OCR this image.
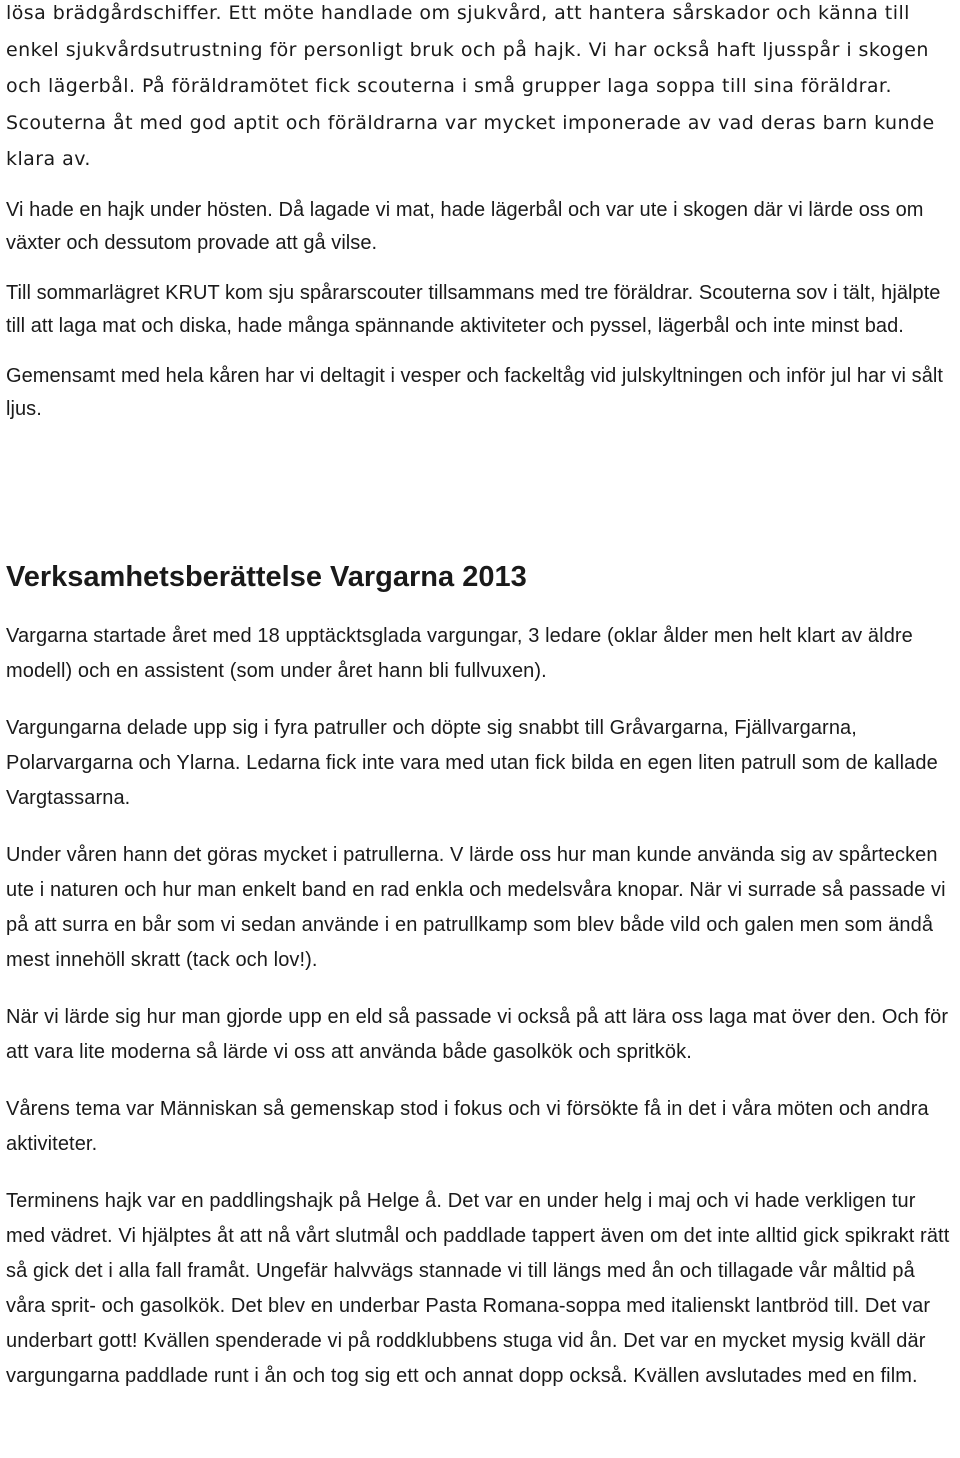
lösa brädgårdschiffer. Ett möte handlade om sjukvård, att hantera sårskador och känna till enkel sjukvårdsutrustning för personligt bruk och på hajk. Vi har också haft ljusspår i skogen och lägerbål. På föräldramötet fick scouterna i små grupper laga soppa till sina föräldrar. Scouterna åt med god aptit och föräldrarna var mycket imponerade av vad deras barn kunde klara av.

Vi hade en hajk under hösten. Då lagade vi mat, hade lägerbål och var ute i skogen där vi lärde oss om växter och dessutom provade att gå vilse.

Till sommarlägret KRUT kom sju spårarscouter tillsammans med tre föräldrar. Scouterna sov i tält, hjälpte till att laga mat och diska, hade många spännande aktiviteter och pyssel, lägerbål och inte minst bad.

Gemensamt med hela kåren har vi deltagit i vesper och fackeltåg vid julskyltningen och inför jul har vi sålt ljus.

Verksamhetsberättelse Vargarna 2013

Vargarna startade året med 18 upptäcktsglada vargungar, 3 ledare (oklar ålder men helt klart av äldre modell) och en assistent (som under året hann bli fullvuxen).

Vargungarna delade upp sig i fyra patruller och döpte sig snabbt till Gråvargarna, Fjällvargarna, Polarvargarna och Ylarna. Ledarna fick inte vara med utan fick bilda en egen liten patrull som de kallade Vargtassarna.

Under våren hann det göras mycket i patrullerna. V lärde oss hur man kunde använda sig av spårtecken ute i naturen och hur man enkelt band en rad enkla och medelsvåra knopar. När vi surrade så passade vi på att surra en bår som vi sedan använde i en patrullkamp som blev både vild och galen men som ändå mest innehöll skratt (tack och lov!).

När vi lärde sig hur man gjorde upp en eld så passade vi också på att lära oss laga mat över den. Och för att vara lite moderna så lärde vi oss att använda både gasolkök och spritkök.

Vårens tema var Människan så gemenskap stod i fokus och vi försökte få in det i våra möten och andra aktiviteter.

Terminens hajk var en paddlingshajk på Helge å. Det var en under helg i maj och vi hade verkligen tur med vädret. Vi hjälptes åt att nå vårt slutmål och paddlade tappert även om det inte alltid gick spikrakt rätt så gick det i alla fall framåt. Ungefär halvvägs stannade vi till längs med ån och tillagade vår måltid på våra sprit- och gasolkök. Det blev en underbar Pasta Romana-soppa med italienskt lantbröd till. Det var underbart gott! Kvällen spenderade vi på roddklubbens stuga vid ån. Det var en mycket mysig kväll där vargungarna paddlade runt i ån och tog sig ett och annat dopp också. Kvällen avslutades med en film.
